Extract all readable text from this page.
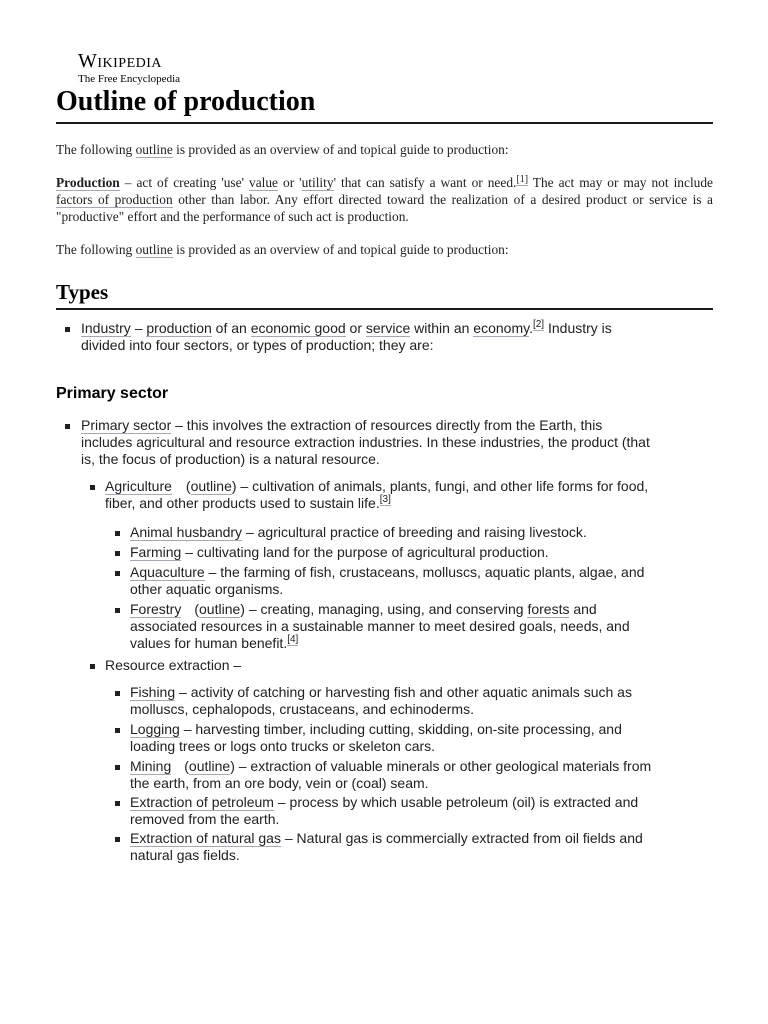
Wikipedia
The Free Encyclopedia
Outline of production

The following outline is provided as an overview of and topical guide to production:

Production – act of creating 'use' value or 'utility' that can satisfy a want or need.[1] The act may or may not include factors of production other than labor. Any effort directed toward the realization of a desired product or service is a "productive" effort and the performance of such act is production.

The following outline is provided as an overview of and topical guide to production:

Types
Industry – production of an economic good or service within an economy.[2] Industry is
divided into four sectors, or types of production; they are:
Primary sector
Primary sector – this involves the extraction of resources directly from the Earth, this
includes agricultural and resource extraction industries. In these industries, the product (that
is, the focus of production) is a natural resource.
Agriculture (outline) – cultivation of animals, plants, fungi, and other life forms for food,
fiber, and other products used to sustain life.[3]
Animal husbandry – agricultural practice of breeding and raising livestock.
Farming – cultivating land for the purpose of agricultural production.
Aquaculture – the farming of fish, crustaceans, molluscs, aquatic plants, algae, and
other aquatic organisms.
Forestry (outline) – creating, managing, using, and conserving forests and
associated resources in a sustainable manner to meet desired goals, needs, and
values for human benefit.[4]
Resource extraction –
Fishing – activity of catching or harvesting fish and other aquatic animals such as
molluscs, cephalopods, crustaceans, and echinoderms.
Logging – harvesting timber, including cutting, skidding, on-site processing, and
loading trees or logs onto trucks or skeleton cars.
Mining (outline) – extraction of valuable minerals or other geological materials from
the earth, from an ore body, vein or (coal) seam.
Extraction of petroleum – process by which usable petroleum (oil) is extracted and
removed from the earth.
Extraction of natural gas – Natural gas is commercially extracted from oil fields and
natural gas fields.
